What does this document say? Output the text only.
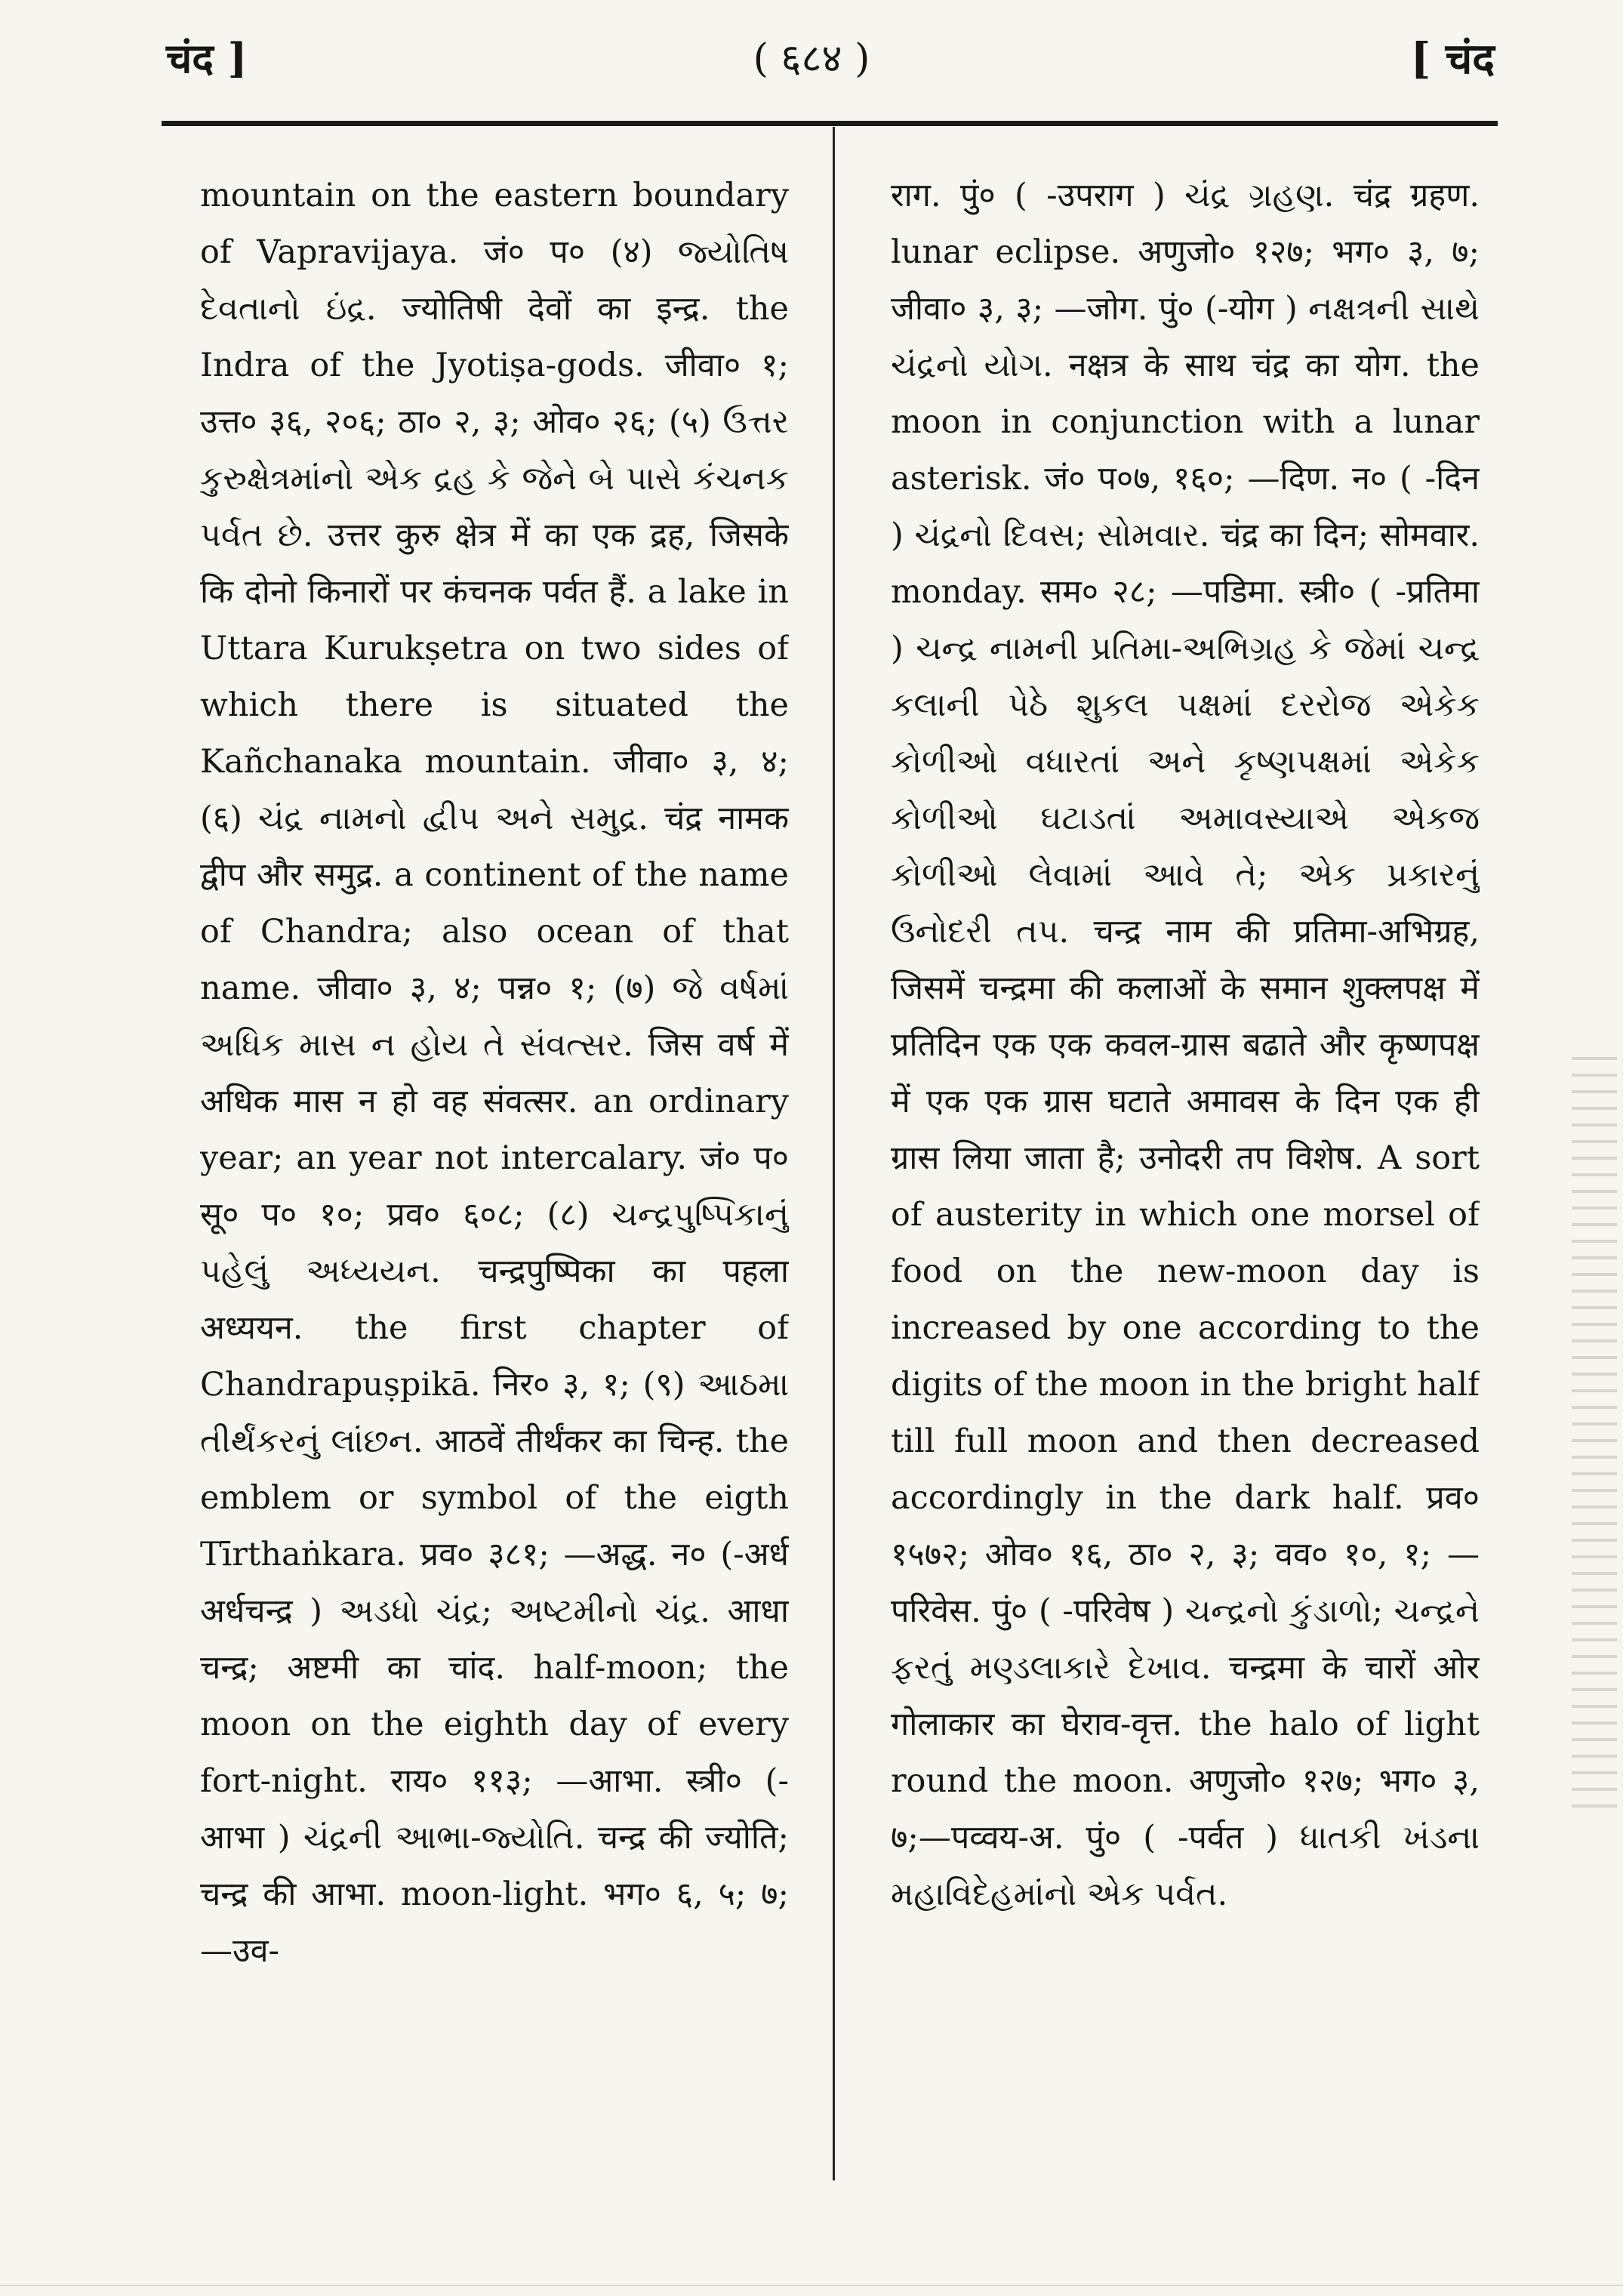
चंद ]	( ६८४ )	[ चंद

mountain on the eastern boundary of Vapravijaya. जं० प० (४) જ્યોતિષ દેવતાનો ઇંદ્ર. ज्योतिषी देवों का इन्द्र. the Indra of the Jyotiṣa-gods. जीवा० १; उत्त० ३६, २०६; ठा० २, ३; ओव० २६; (५) ઉત્તર કુરુક્ષેત્રમાંનો એક દ્રહ કે જેને બે પાસે કંચનક પર્વત છે. उत्तर कुरु क्षेत्र में का एक द्रह, जिसके कि दोनो किनारों पर कंचनक पर्वत हैं. a lake in Uttara Kurukṣetra on two sides of which there is situated the Kañchanaka mountain. जीवा० ३, ४; (६) ચંદ્ર નામનો દ્વીપ અને સમુદ્ર. चंद्र नामक द्वीप और समुद्र. a continent of the name of Chandra; also ocean of that name. जीवा० ३, ४; पन्न० १; (७) જે વર્ષમાં અધિક માસ ન હોય તે સંવત્સર. जिस वर्ष में अधिक मास न हो वह संवत्सर. an ordinary year; an year not intercalary. जं० प० सू० प० १०; प्रव० ६०८; (८) ચન્દ્રપુષ્પિકાનું પહેલું અધ્યયન. चन्द्रपुष्पिका का पहला अध्ययन. the first chapter of Chandrapuṣpikā. निर० ३, १; (९) આઠમા તીર્થંકરનું લાંછન. आठवें तीर्थंकर का चिन्ह. the emblem or symbol of the eigth Tīrthaṅkara. प्रव० ३८१; —अद्ध. न० (-अर्ध अर्धचन्द्र ) અડધો ચંદ્ર; અષ્ટમીનો ચંદ્ર. आधा चन्द्र; अष्टमी का चांद. half-moon; the moon on the eighth day of every fort-night. राय० ११३; —आभा. स्त्री० (-आभा ) ચંદ્રની આભા-જ્યોતિ. चन्द्र की ज्योति; चन्द्र की आभा. moon-light. भग० ६, ५; ७; —उव-

राग. पुं० ( -उपराग ) ચંદ્ર ગ્રહણ. चंद्र ग्रहण. lunar eclipse. अणुजो० १२७; भग० ३, ७; जीवा० ३, ३; —जोग. पुं० (-योग ) નક્ષત્રની સાથે ચંદ્રનો યોગ. नक्षत्र के साथ चंद्र का योग. the moon in conjunction with a lunar asterisk. जं० प०७, १६०; —दिण. न० ( -दिन ) ચંદ્રનો દિવસ; સોમવાર. चंद्र का दिन; सोमवार. monday. सम० २८; —पडिमा. स्त्री० ( -प्रतिमा ) ચન્દ્ર નામની પ્રતિમા-અભિગ્રહ કે જેમાં ચન્દ્ર કલાની પેઠે શુકલ પક્ષમાં દરરોજ એકેક કોળીઓ વધારતાં અને કૃષ્ણપક્ષમાં એકેક કોળીઓ ઘટાડતાં અમાવસ્યાએ એકજ કોળીઓ લેવામાં આવે તે; એક પ્રકારનું ઉનોદરી તપ. चन्द्र नाम की प्रतिमा-अभिग्रह, जिसमें चन्द्रमा की कलाओं के समान शुक्लपक्ष में प्रतिदिन एक एक कवल-ग्रास बढाते और कृष्णपक्ष में एक एक ग्रास घटाते अमावस के दिन एक ही ग्रास लिया जाता है; उनोदरी तप विशेष. A sort of austerity in which one morsel of food on the new-moon day is increased by one according to the digits of the moon in the bright half till full moon and then decreased accordingly in the dark half. प्रव० १५७२; ओव० १६, ठा० २, ३; वव० १०, १; —परिवेस. पुं० ( -परिवेष ) ચન્દ્રનો કુંડાળો; ચન્દ્રને ફરતું મણ્ડલાકારે દેખાવ. चन्द्रमा के चारों ओर गोलाकार का घेराव-वृत्त. the halo of light round the moon. अणुजो० १२७; भग० ३, ७;—पव्वय-अ. पुं० ( -पर्वत ) ધાતકી ખંડના મહાવિદેહમાંનો એક પર્વત.
